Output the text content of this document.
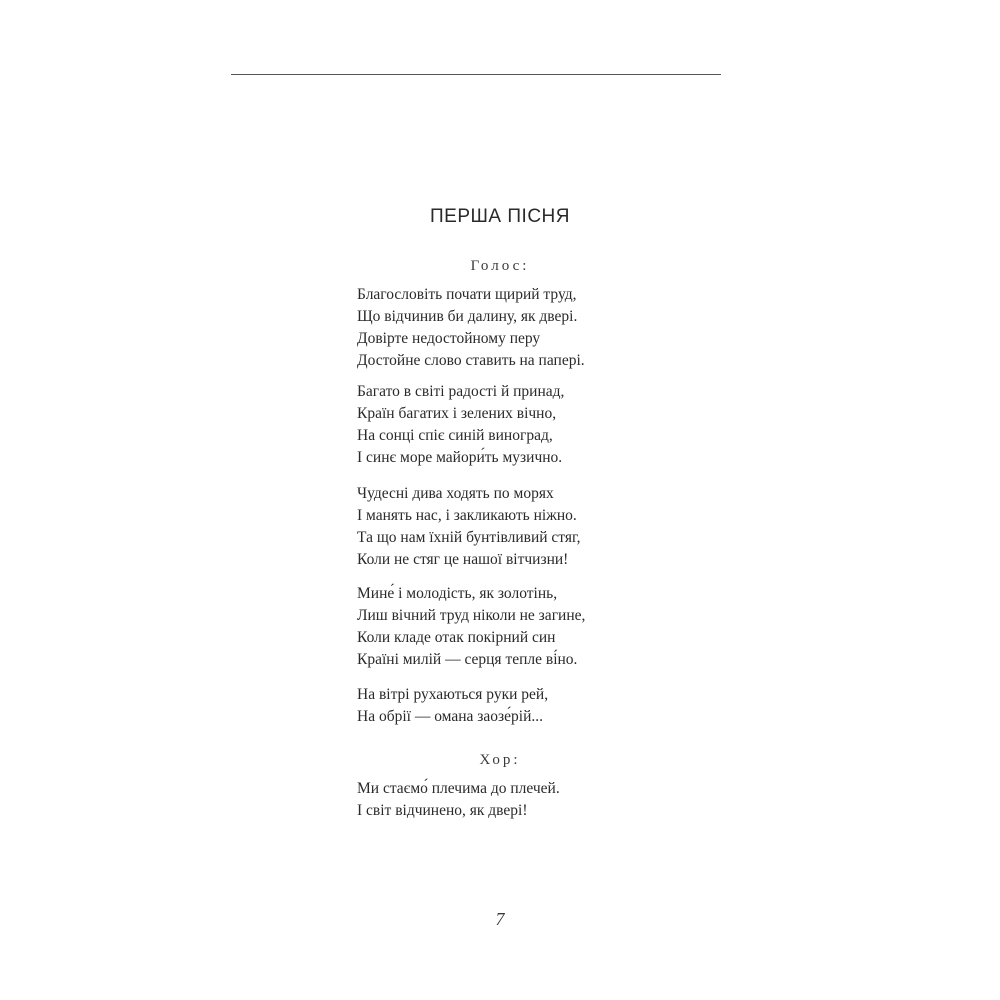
ПЕРША ПІСНЯ
Голос:
Благословіть почати щирий труд,
Що відчинив би далину, як двері.
Довірте недостойному перу
Достойне слово ставить на папері.
Багато в світі радості й принад,
Країн багатих і зелених вічно,
На сонці спіє синій виноград,
І синє море майори́ть музично.
Чудесні дива ходять по морях
І манять нас, і закликають ніжно.
Та що нам їхній бунтівливий стяг,
Коли не стяг це нашої вітчизни!
Мине́ і молодість, як золотінь,
Лиш вічний труд ніколи не загине,
Коли кладе отак покірний син
Країні милій — серця тепле ві́но.
На вітрі рухаються руки рей,
На обрії — омана заозе́рій...
Хор:
Ми стаємо́ плечима до плечей.
І світ відчинено, як двері!
7
